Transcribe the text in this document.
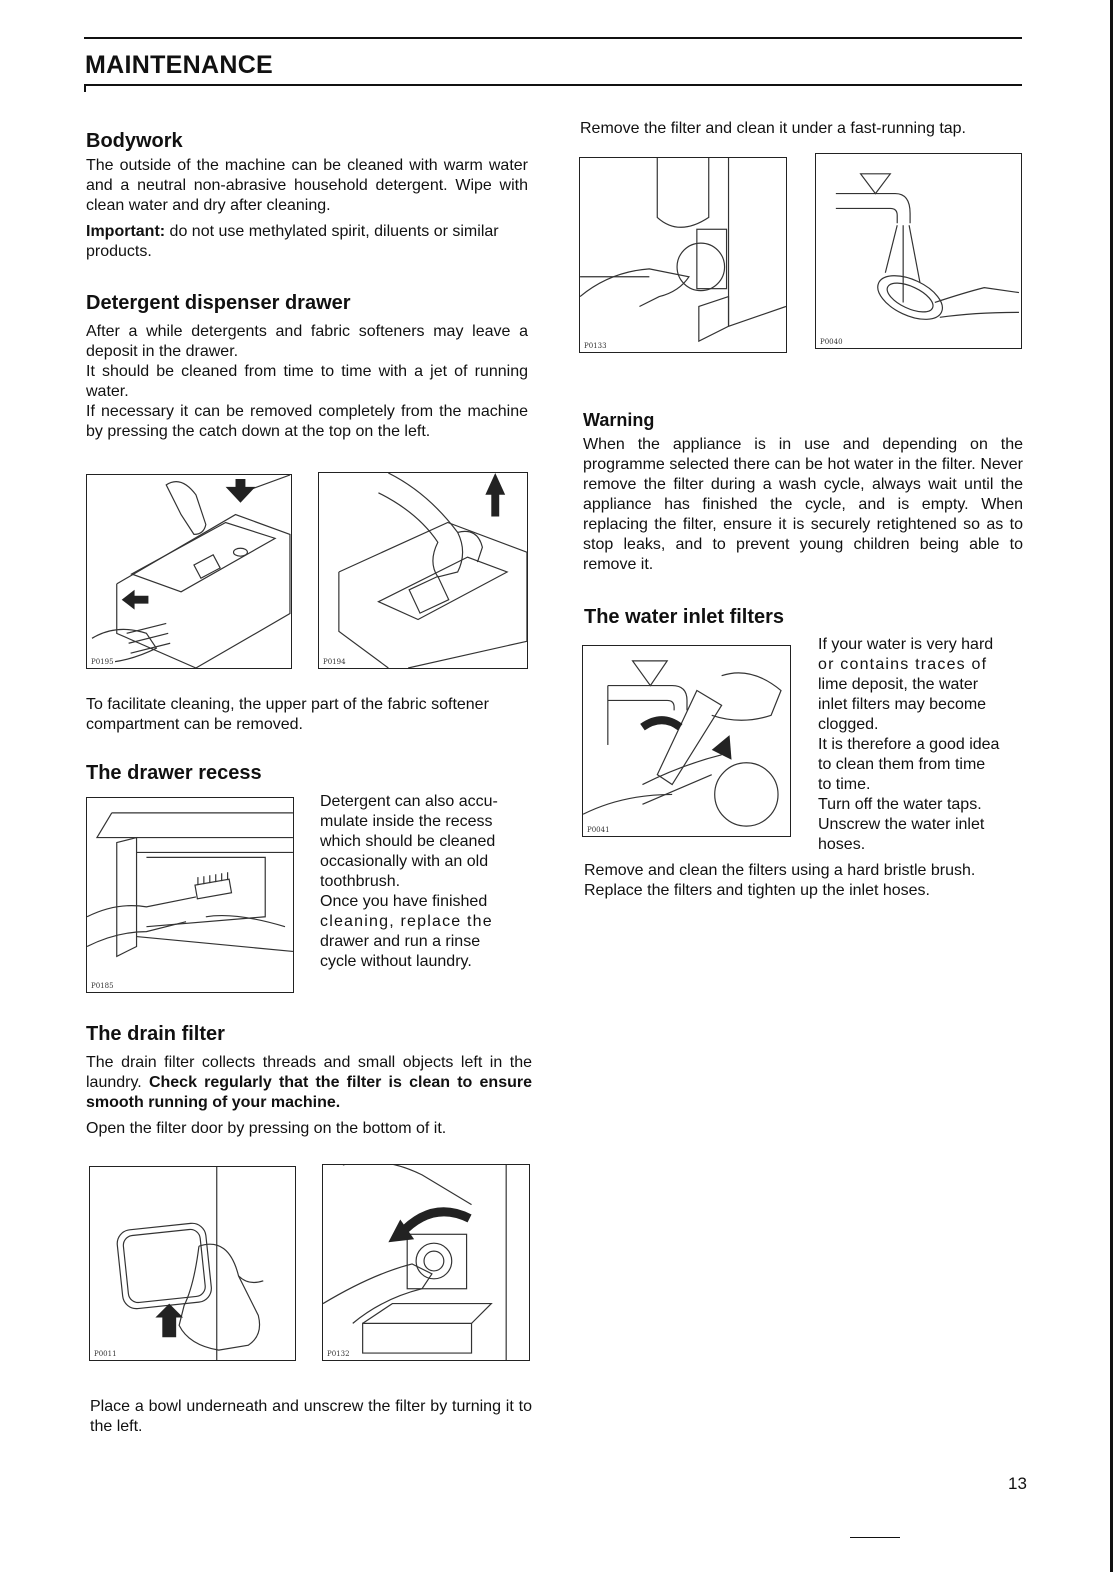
MAINTENANCE
Bodywork

The outside of the machine can be cleaned with warm water and a neutral non-abrasive household detergent. Wipe with clean water and dry after cleaning.

Important: do not use methylated spirit, diluents or similar products.

Detergent dispenser drawer

After a while detergents and fabric softeners may leave a deposit in the drawer.

It should be cleaned from time to time with a jet of running water.

If necessary it can be removed completely from the machine by pressing the catch down at the top on the left.

P0195	P0194
To facilitate cleaning, the upper part of the fabric softener compartment can be removed.
The drawer recess
P0185
Detergent can also accu-
mulate inside the recess
which should be cleaned
occasionally with an old
toothbrush.
Once you have finished
cleaning, replace the
drawer and run a rinse
cycle without laundry.
The drain filter

The drain filter collects threads and small objects left in the laundry. Check regularly that the filter is clean to ensure smooth running of your machine.

Open the filter door by pressing on the bottom of it.

P0011	P0132
Place a bowl underneath and unscrew the filter by turning it to the left.
Remove the filter and clean it under a fast-running tap.
P0133	P0040
Warning
When the appliance is in use and depending on the programme selected there can be hot water in the filter. Never remove the filter during a wash cycle, always wait until the appliance has finished the cycle, and is empty. When replacing the filter, ensure it is securely retightened so as to stop leaks, and to prevent young children being able to remove it.
The water inlet filters
P0041
If your water is very hard
or contains traces of
lime deposit, the water
inlet filters may become
clogged.
It is therefore a good idea
to clean them from time
to time.
Turn off the water taps.
Unscrew the water inlet
hoses.

Remove and clean the filters using a hard bristle brush.

Replace the filters and tighten up the inlet hoses.

13
